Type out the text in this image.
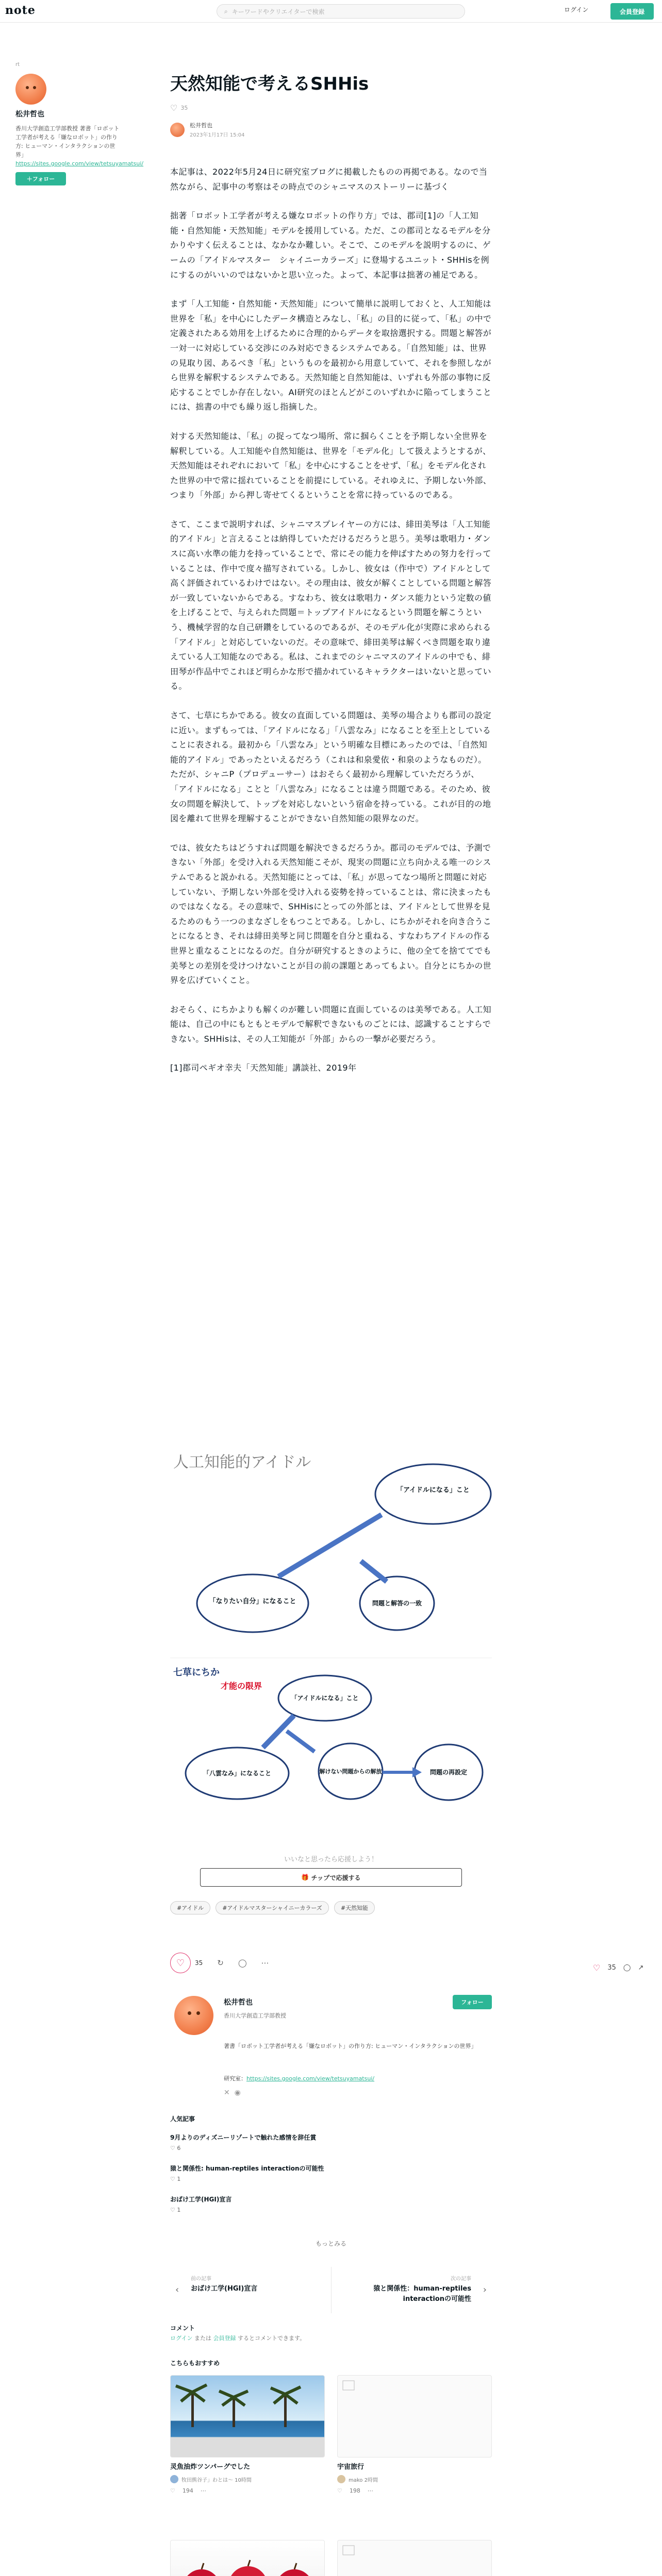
note	⌕ キーワードやクリエイターで検索	ログイン	会員登録
rt
松井哲也
香川大学創造工学部教授 著書「ロボット工学者が考える「嫌なロボット」の作り方: ヒューマン・インタラクションの世界」
https://sites.google.com/view/tetsuyamatsui/
＋フォロー
天然知能で考えるSHHis
♡ 35
松井哲也
2023年1月17日 15:04

本記事は、2022年5月24日に研究室ブログに掲載したものの再掲である。なので当然ながら、記事中の考察はその時点でのシャニマスのストーリーに基づく

拙著「ロボット工学者が考える嫌なロボットの作り方」では、郡司[1]の「人工知能・自然知能・天然知能」モデルを援用している。ただ、この郡司となるモデルを分かりやすく伝えることは、なかなか難しい。そこで、このモデルを説明するのに、ゲームの「アイドルマスター　シャイニーカラーズ」に登場するユニット・SHHisを例にするのがいいのではないかと思い立った。よって、本記事は拙著の補足である。

まず「人工知能・自然知能・天然知能」について簡単に説明しておくと、人工知能は世界を「私」を中心にしたデータ構造とみなし、「私」の目的に従って、「私」の中で定義されたある効用を上げるために合理的からデータを取捨選択する。問題と解答が一対一に対応している交渉にのみ対応できるシステムである。「自然知能」は、世界の見取り図、あるべき「私」というものを最初から用意していて、それを参照しながら世界を解釈するシステムである。天然知能と自然知能は、いずれも外部の事物に反応することでしか存在しない。AI研究のほとんどがこのいずれかに陥ってしまうことには、拙書の中でも繰り返し指摘した。

対する天然知能は、「私」の捉ってなつ場所、常に掴らくことを予期しない全世界を解釈している。人工知能や自然知能は、世界を「モデル化」して扱えようとするが、天然知能はそれぞれにおいて「私」を中心にすることをせず、「私」をモデル化された世界の中で常に揺れていることを前提にしている。それゆえに、予期しない外部、つまり「外部」から押し寄せてくるということを常に持っているのである。

さて、ここまで説明すれば、シャニマスプレイヤーの方には、緋田美琴は「人工知能的アイドル」と言えることは納得していただけるだろうと思う。美琴は歌唱力・ダンスに高い水準の能力を持っていることで、常にその能力を伸ばすための努力を行っていることは、作中で度々描写されている。しかし、彼女は（作中で）アイドルとして高く評価されているわけではない。その理由は、彼女が解くことしている問題と解答が一致していないからである。すなわち、彼女は歌唱力・ダンス能力という定数の値を上げることで、与えられた問題＝トップアイドルになるという問題を解こうという、機械学習的な自己研鑽をしているのであるが、そのモデル化が実際に求められる「アイドル」と対応していないのだ。その意味で、緋田美琴は解くべき問題を取り違えている人工知能なのである。私は、これまでのシャニマスのアイドルの中でも、緋田琴が作品中でこれほど明らかな形で描かれているキャラクターはいないと思っている。

さて、七草にちかである。彼女の直面している問題は、美琴の場合よりも郡司の設定に近い。まずもっては、「アイドルになる」「八雲なみ」になることを至上としていることに表される。最初から「八雲なみ」という明確な目標にあったのでは、「自然知能的アイドル」であったといえるだろう（これは和泉愛依・和泉のようなものだ）。ただが、シャニP（プロデューサー）はおそらく最初から理解していただろうが、「アイドルになる」ことと「八雲なみ」になることは違う問題である。そのため、彼女の問題を解決して、トップを対応しないという宿命を持っている。これが目的の地図を離れて世界を理解することができない自然知能の限界なのだ。

では、彼女たちはどうすれば問題を解決できるだろうか。郡司のモデルでは、予測できない「外部」を受け入れる天然知能こそが、現実の問題に立ち向かえる唯一のシステムであると説かれる。天然知能にとっては、「私」が思ってなつ場所と問題に対応していない、予期しない外部を受け入れる姿勢を持っていることは、常に決まったものではなくなる。その意味で、SHHisにとっての外部とは、アイドルとして世界を見るためのもう一つのまなざしをもつことである。しかし、にちかがそれを向き合うことになるとき、それは緋田美琴と同じ問題を自分と重ねる、すなわちアイドルの作る世界と重なることになるのだ。自分が研究するときのように、他の全てを捨ててでも美琴との差別を受けつけないことが目の前の課題とあってもよい。自分とにちかの世界を広げていくこと。

おそらく、にちかよりも解くのが難しい問題に直面しているのは美琴である。人工知能は、自己の中にもともとモデルで解釈できないものごとには、認識することすらできない。SHHisは、その人工知能が「外部」からの一撃が必要だろう。

[1]郡司ペギオ幸夫「天然知能」講談社、2019年

人工知能的アイドル
「アイドルになる」こと
「なりたい自分」になること	問題と解答の一致
七草にちか
才能の限界
「アイドルになる」こと
「八雲なみ」になること	解けない問題からの解放	問題の再設定
いいなと思ったら応援しよう！
🎁 チップで応援する
#アイドル	#アイドルマスターシャイニーカラーズ	#天然知能
♡	35 ↻ ◯ ⋯	♡ 35 ◯ ↗
松井哲也
香川大学創造工学部教授
フォロー
著書「ロボット工学者が考える「嫌なロボット」の作り方: ヒューマン・インタラクションの世界」
研究室：https://sites.google.com/view/tetsuyamatsui/
✕ ◉
人気記事
9月よりのディズニーリゾートで触れた感情を辞任賞
♡ 6
猿と関係性: human-reptiles interactionの可能性
♡ 1
おばけ工学(HGI)宣言
♡ 1
もっとみる
‹
前の記事
おばけ工学(HGI)宣言	›
次の記事
猿と関係性：human-reptiles interactionの可能性
コメント
ログイン または 会員登録 するとコメントできます。
こちらもおすすめ
灵魚油炸ツンパーグでした
牧田熊谷子」わとは〜 10時間
♡ 194 ⋯
宇宙旅行
mako 2時間
♡ 198 ⋯
